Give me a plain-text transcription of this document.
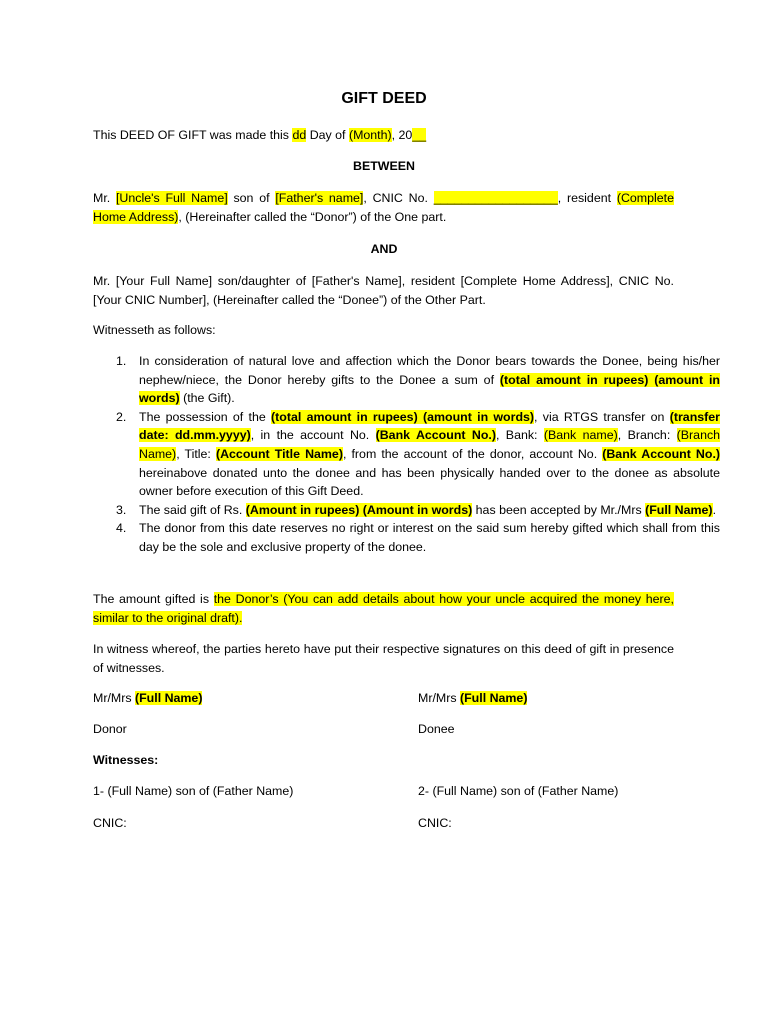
GIFT DEED
This DEED OF GIFT was made this dd Day of (Month), 20__
BETWEEN
Mr. [Uncle's Full Name] son of [Father's name], CNIC No. __________________, resident (Complete Home Address), (Hereinafter called the “Donor”) of the One part.
AND
Mr. [Your Full Name] son/daughter of [Father's Name], resident [Complete Home Address], CNIC No. [Your CNIC Number], (Hereinafter called the “Donee”) of the Other Part.
Witnesseth as follows:
1. In consideration of natural love and affection which the Donor bears towards the Donee, being his/her nephew/niece, the Donor hereby gifts to the Donee a sum of (total amount in rupees) (amount in words) (the Gift).
2. The possession of the (total amount in rupees) (amount in words), via RTGS transfer on (transfer date: dd.mm.yyyy), in the account No. (Bank Account No.), Bank: (Bank name), Branch: (Branch Name), Title: (Account Title Name), from the account of the donor, account No. (Bank Account No.) hereinabove donated unto the donee and has been physically handed over to the donee as absolute owner before execution of this Gift Deed.
3. The said gift of Rs. (Amount in rupees) (Amount in words) has been accepted by Mr./Mrs (Full Name).
4. The donor from this date reserves no right or interest on the said sum hereby gifted which shall from this day be the sole and exclusive property of the donee.
The amount gifted is the Donor’s (You can add details about how your uncle acquired the money here, similar to the original draft).
In witness whereof, the parties hereto have put their respective signatures on this deed of gift in presence of witnesses.
Mr/Mrs (Full Name)	Mr/Mrs (Full Name)
Donor	Donee
Witnesses:
1- (Full Name) son of (Father Name)	2- (Full Name) son of (Father Name)
CNIC:	CNIC:
